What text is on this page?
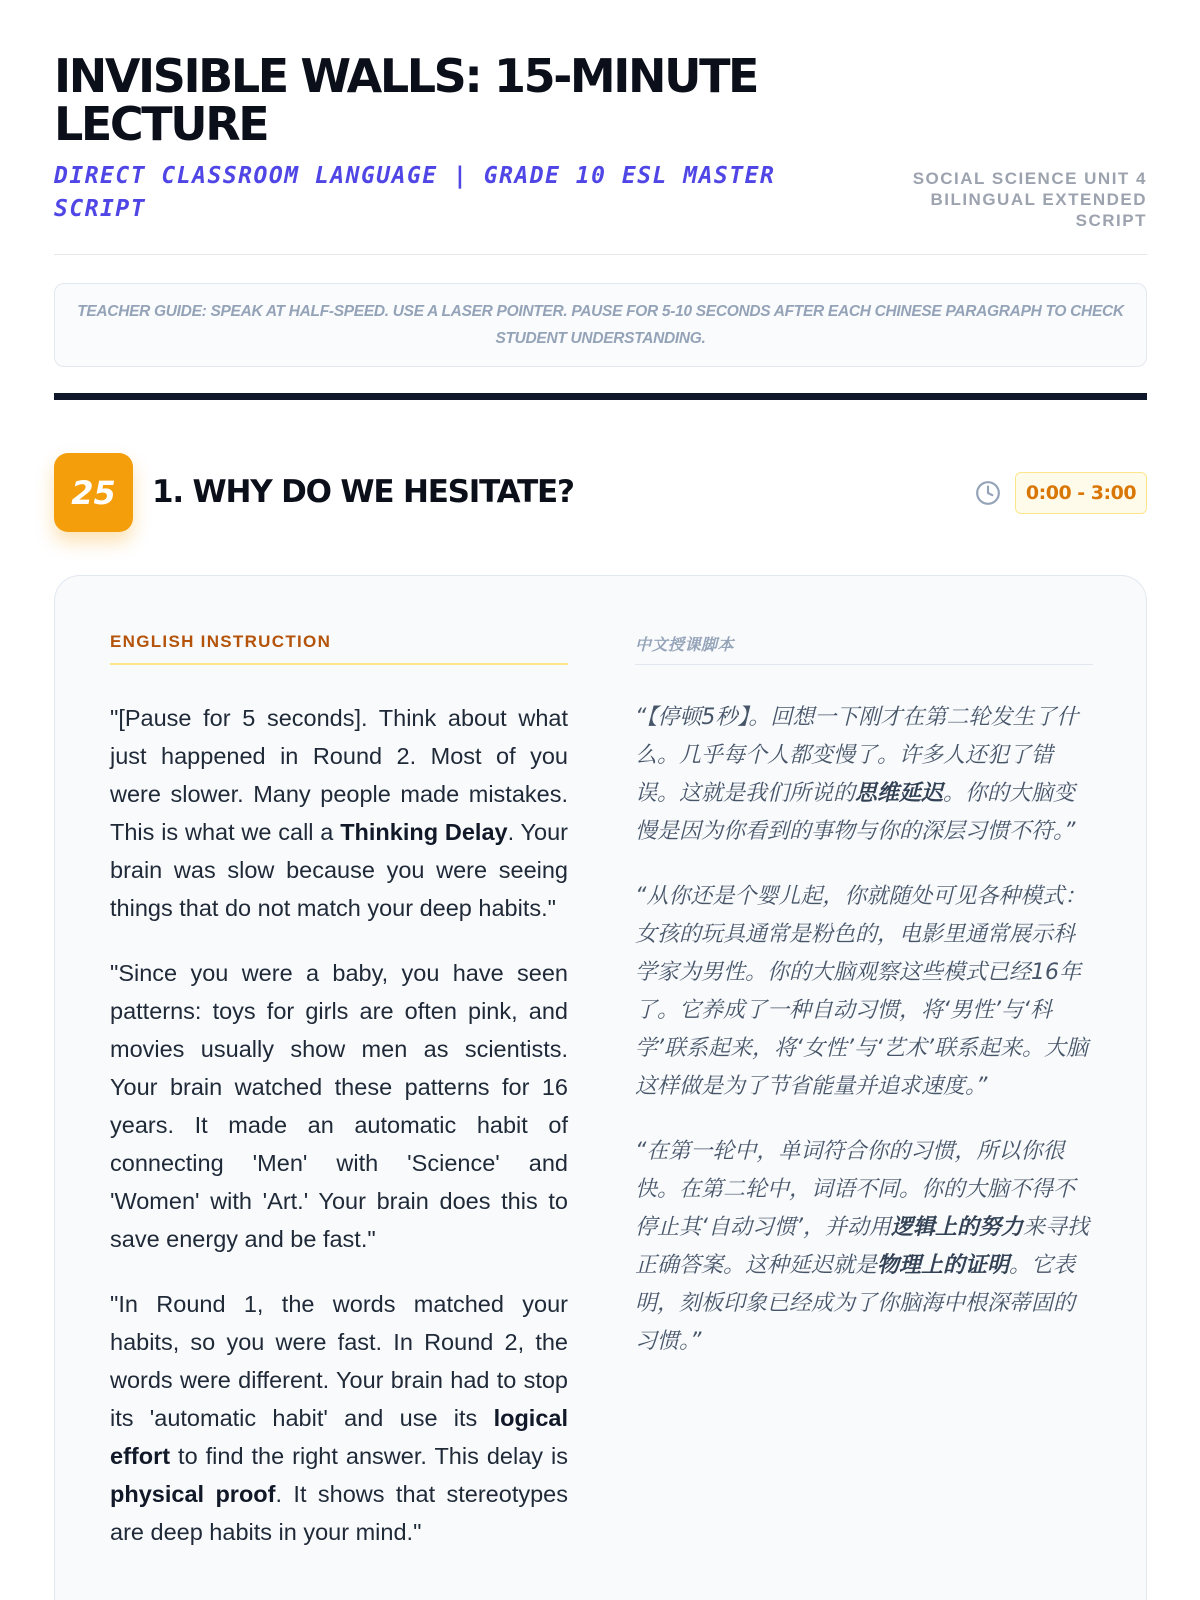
INVISIBLE WALLS: 15-MINUTE LECTURE
DIRECT CLASSROOM LANGUAGE | GRADE 10 ESL MASTER SCRIPT
SOCIAL SCIENCE UNIT 4 BILINGUAL EXTENDED SCRIPT

TEACHER GUIDE: SPEAK AT HALF-SPEED. USE A LASER POINTER. PAUSE FOR 5-10 SECONDS AFTER EACH CHINESE PARAGRAPH TO CHECK STUDENT UNDERSTANDING.

25	1. WHY DO WE HESITATE?	0:00 - 3:00
ENGLISH INSTRUCTION

"[Pause for 5 seconds]. Think about what just happened in Round 2. Most of you were slower. Many people made mistakes. This is what we call a Thinking Delay. Your brain was slow because you were seeing things that do not match your deep habits."

"Since you were a baby, you have seen patterns: toys for girls are often pink, and movies usually show men as scientists. Your brain watched these patterns for 16 years. It made an automatic habit of connecting 'Men' with 'Science' and 'Women' with 'Art.' Your brain does this to save energy and be fast."

"In Round 1, the words matched your habits, so you were fast. In Round 2, the words were different. Your brain had to stop its 'automatic habit' and use its logical effort to find the right answer. This delay is physical proof. It shows that stereotypes are deep habits in your mind."

中文授课脚本

“【停顿5秒】。回想一下刚才在第二轮发生了什么。几乎每个人都变慢了。许多人还犯了错误。这就是我们所说的思维延迟。你的大脑变慢是因为你看到的事物与你的深层习惯不符。”

“从你还是个婴儿起，你就随处可见各种模式：女孩的玩具通常是粉色的，电影里通常展示科学家为男性。你的大脑观察这些模式已经16年了。它养成了一种自动习惯，将‘男性’与‘科学’联系起来，将‘女性’与‘艺术’联系起来。大脑这样做是为了节省能量并追求速度。”

“在第一轮中，单词符合你的习惯，所以你很快。在第二轮中，词语不同。你的大脑不得不停止其‘自动习惯’，并动用逻辑上的努力来寻找正确答案。这种延迟就是物理上的证明。它表明，刻板印象已经成为了你脑海中根深蒂固的习惯。”
